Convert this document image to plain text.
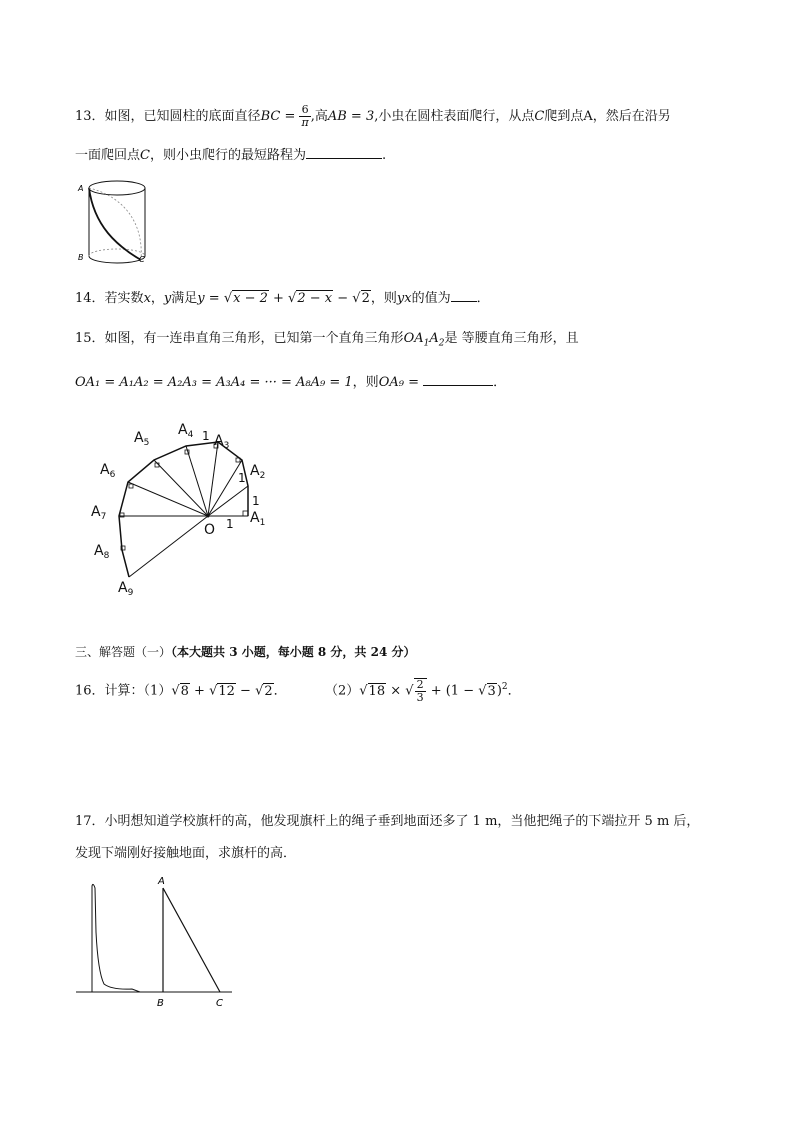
13．如图，已知圆柱的底面直径BC = $\frac{6}{\pi}$ ,高AB = 3,小虫在圆柱表面爬行，从点C爬到点A，然后在沿另
一面爬回点C，则小虫爬行的最短路程为	.
A
B	C
14．若实数x，y满足y = √x − 2 + √2 − x − √2，则yx的值为 ．
15．如图，有一连串直角三角形，已知第一个直角三角形$OA_1A_2$是 等腰直角三角形，且
OA₁ = A₁A₂ = A₂A₃ = A₃A₄ = ··· = A₈A₉ = 1，则OA₉ =	．
O 1
1
1
1
$A_1$
$A_2$
$A_3$
$A_4$
$A_5$
$A_6$
$A_7$
$A_8$
$A_9$
三、解答题（一）（本大题共 3 小题，每小题 8 分，共 24 分）
16．计算：（1）√8 + √12 − √2．	（2）√18 × √ $\frac{2}{3} + (1 - √3)^2$．
17．小明想知道学校旗杆的高，他发现旗杆上的绳子垂到地面还多了 1 m，当他把绳子的下端拉开 5 m 后，
发现下端刚好接触地面，求旗杆的高．
A
B	C
